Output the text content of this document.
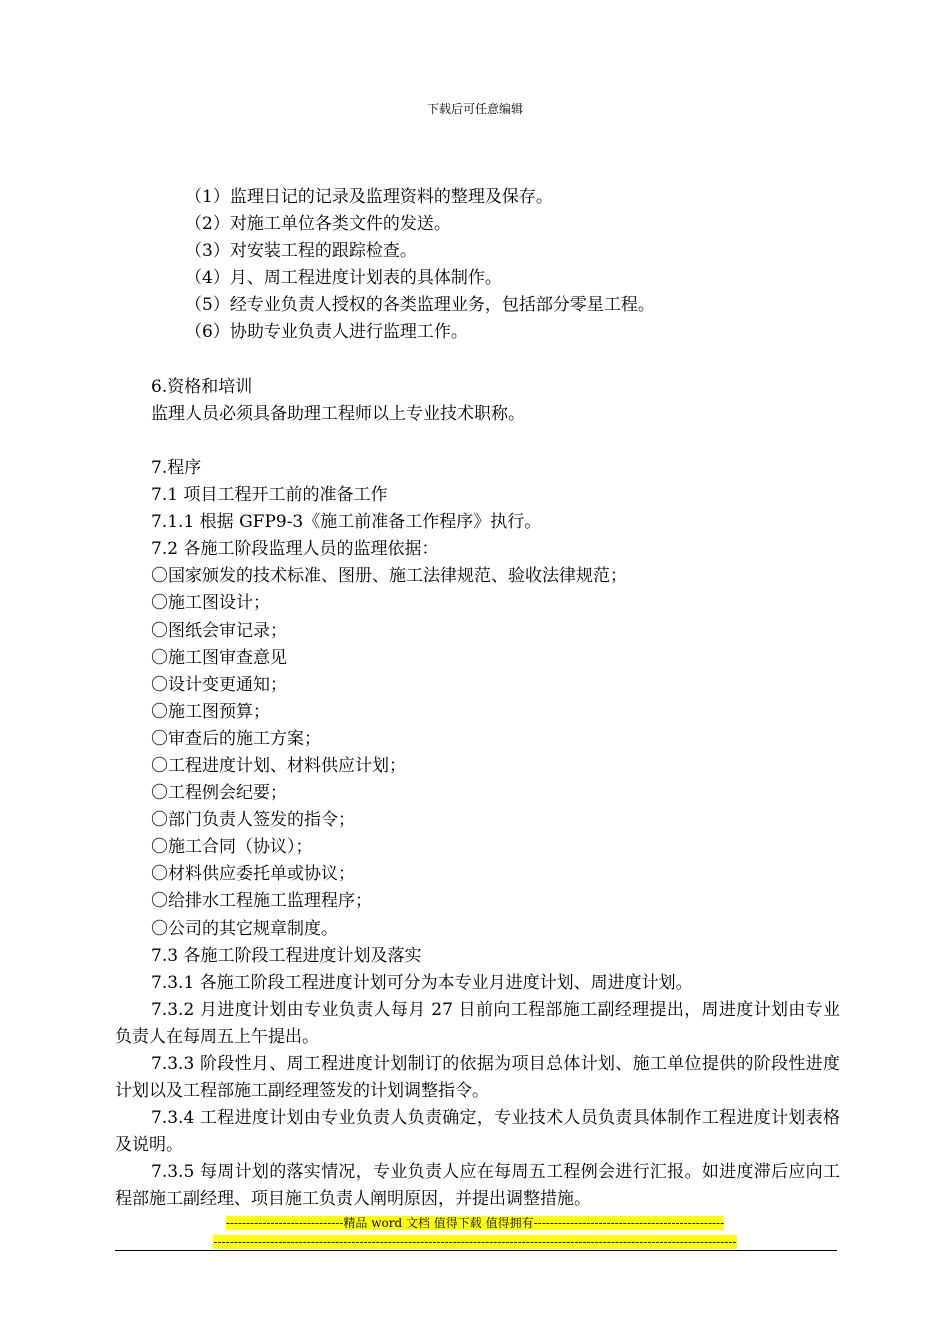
下载后可任意编辑
（1）监理日记的记录及监理资料的整理及保存。
（2）对施工单位各类文件的发送。
（3）对安装工程的跟踪检查。
（4）月、周工程进度计划表的具体制作。
（5）经专业负责人授权的各类监理业务，包括部分零星工程。
（6）协助专业负责人进行监理工作。
6.资格和培训
监理人员必须具备助理工程师以上专业技术职称。
7.程序
7.1 项目工程开工前的准备工作
7.1.1 根据 GFP9-3《施工前准备工作程序》执行。
7.2 各施工阶段监理人员的监理依据：
〇国家颁发的技术标准、图册、施工法律规范、验收法律规范；
〇施工图设计；
〇图纸会审记录；
〇施工图审查意见
〇设计变更通知；
〇施工图预算；
〇审查后的施工方案；
〇工程进度计划、材料供应计划；
〇工程例会纪要；
〇部门负责人签发的指令；
〇施工合同（协议）；
〇材料供应委托单或协议；
〇给排水工程施工监理程序；
〇公司的其它规章制度。
7.3 各施工阶段工程进度计划及落实
7.3.1 各施工阶段工程进度计划可分为本专业月进度计划、周进度计划。
7.3.2 月进度计划由专业负责人每月 27 日前向工程部施工副经理提出，周进度计划由专业负责人在每周五上午提出。
7.3.3 阶段性月、周工程进度计划制订的依据为项目总体计划、施工单位提供的阶段性进度计划以及工程部施工副经理签发的计划调整指令。
7.3.4 工程进度计划由专业负责人负责确定，专业技术人员负责具体制作工程进度计划表格及说明。
7.3.5 每周计划的落实情况，专业负责人应在每周五工程例会进行汇报。如进度滞后应向工程部施工副经理、项目施工负责人阐明原因，并提出调整措施。
-----------------------------精品 word 文档 值得下载 值得拥有-----------------------------------------------
---------------------------------------------------------------------------------------------------------------------------------
